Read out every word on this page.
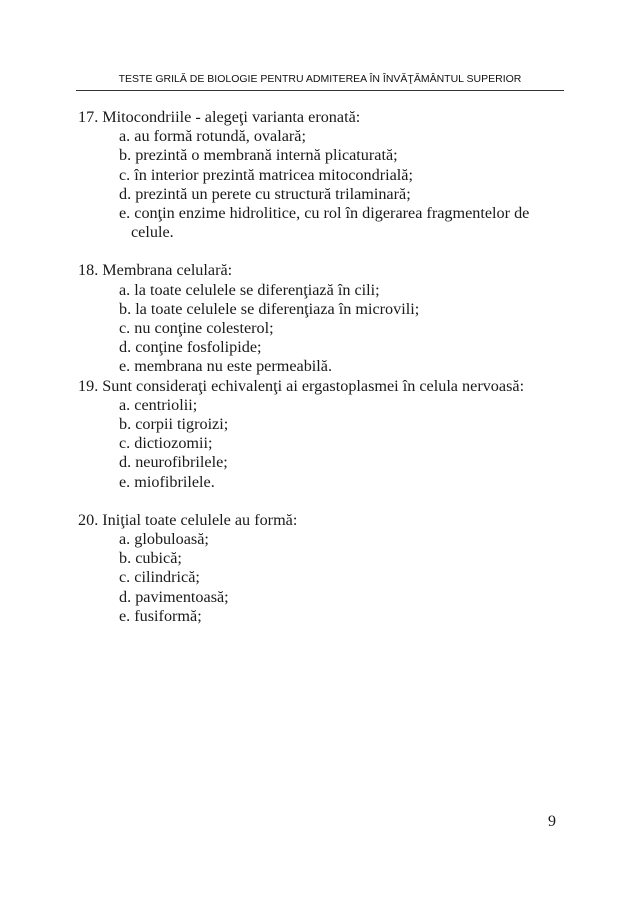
TESTE GRILĂ DE BIOLOGIE PENTRU ADMITEREA ÎN ÎNVĂŢĂMÂNTUL SUPERIOR

17. Mitocondriile - alegeţi varianta eronată:

a. au formă rotundă, ovalară;

b. prezintă o membrană internă plicaturată;

c. în interior prezintă matricea mitocondrială;

d. prezintă un perete cu structură trilaminară;

e. conţin enzime hidrolitice, cu rol în digerarea fragmentelor de

celule.

18. Membrana celulară:

a. la toate celulele se diferenţiază în cili;

b. la toate celulele se diferenţiaza în microvili;

c. nu conţine colesterol;

d. conţine fosfolipide;

e. membrana nu este permeabilă.

19. Sunt consideraţi echivalenţi ai ergastoplasmei în celula nervoasă:

a. centriolii;

b. corpii tigroizi;

c. dictiozomii;

d. neurofibrilele;

e. miofibrilele.

20. Iniţial toate celulele au formă:

a. globuloasă;

b. cubică;

c. cilindrică;

d. pavimentoasă;

e. fusiformă;

9
